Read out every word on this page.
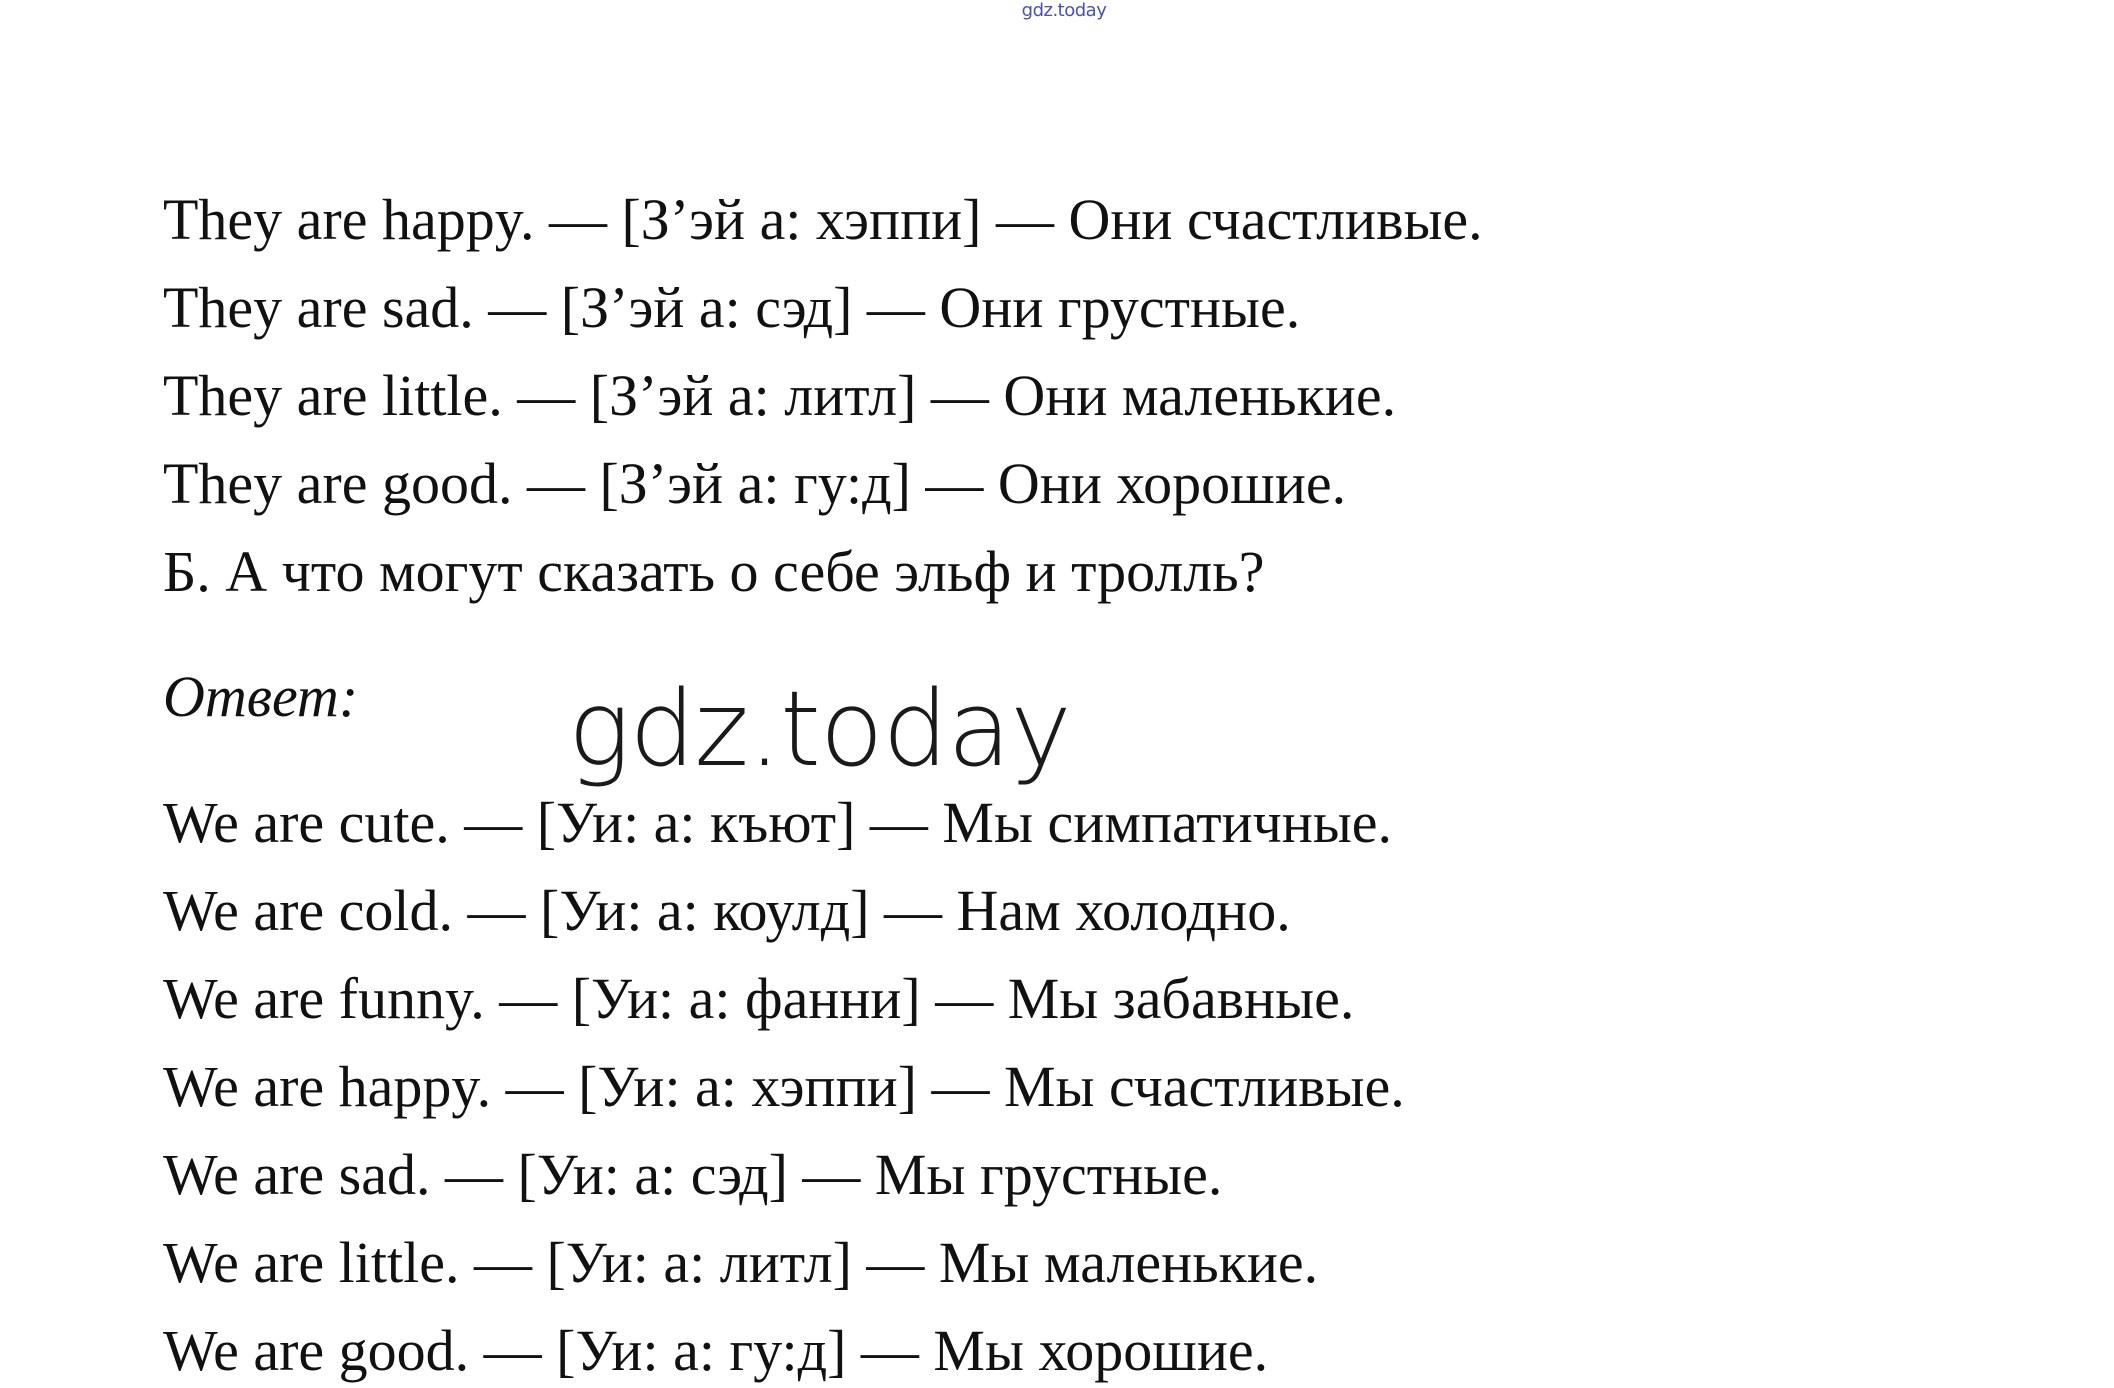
gdz.today
They are happy. — [З’эй а: хэппи] — Они счастливые.
They are sad. — [З’эй а: сэд] — Они грустные.
They are little. — [З’эй а: литл] — Они маленькие.
They are good. — [З’эй а: гу:д] — Они хорошие.
Б. А что могут сказать о себе эльф и тролль?
Ответ: gdz.today
We are cute. — [Уи: а: къют] — Мы симпатичные.
We are cold. — [Уи: а: коулд] — Нам холодно.
We are funny. — [Уи: а: фанни] — Мы забавные.
We are happy. — [Уи: а: хэппи] — Мы счастливые.
We are sad. — [Уи: а: сэд] — Мы грустные.
We are little. — [Уи: а: литл] — Мы маленькие.
We are good. — [Уи: а: гу:д] — Мы хорошие.
